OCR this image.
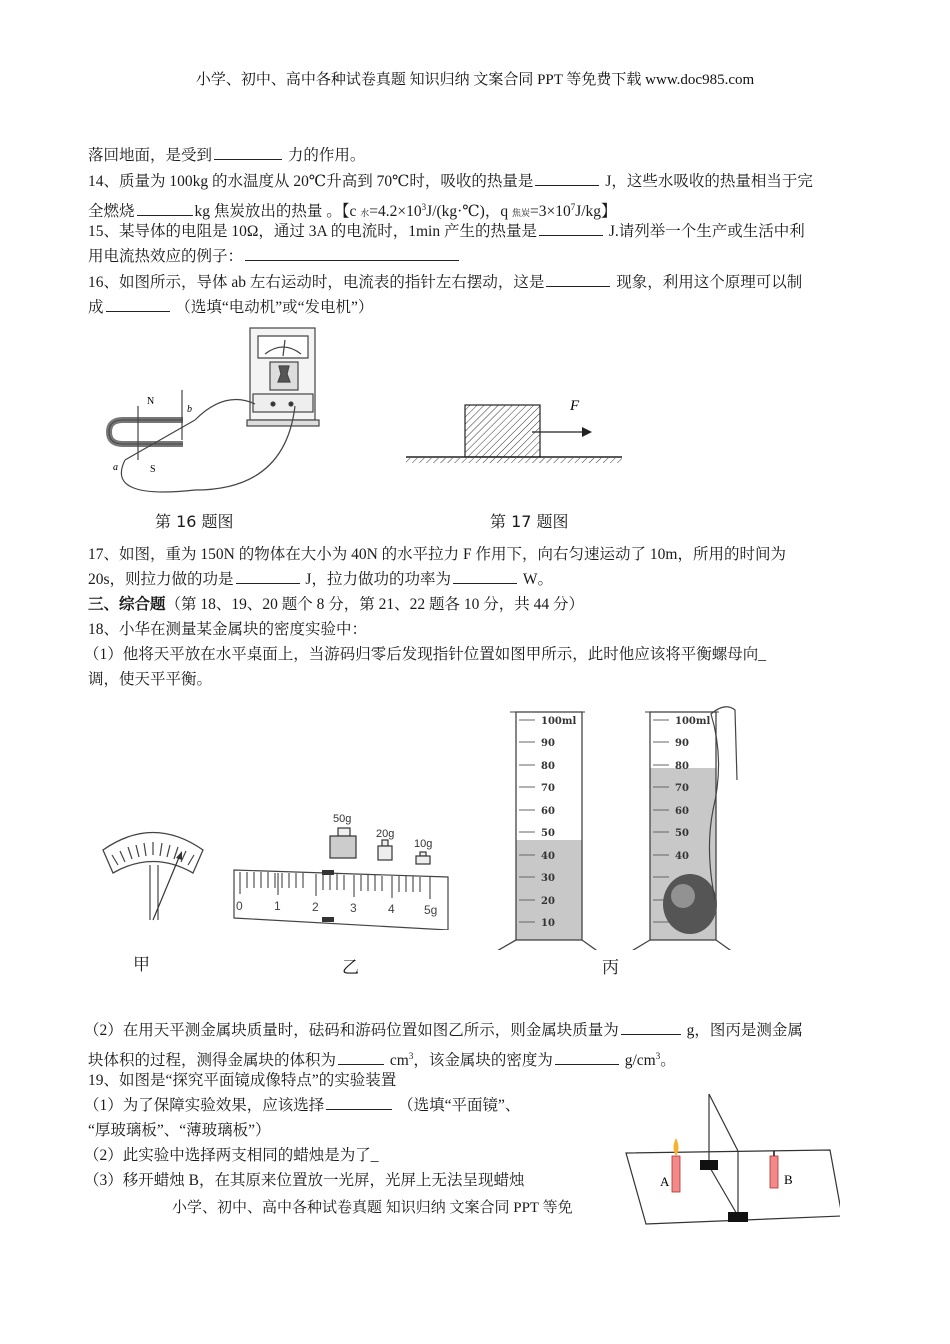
小学、初中、高中各种试卷真题 知识归纳 文案合同 PPT 等免费下载 www.doc985.com
落回地面，是受到	力的作用。
14、质量为 100kg 的水温度从 20℃升高到 70℃时，吸收的热量是	J，这些水吸收的热量相当于完
全燃烧	kg 焦炭放出的热量 。【c 水$=4.2\times 10^3J/(kg\cdot℃)$，q 焦炭$=3\times 10^7J/kg$】
15、某导体的电阻是 10Ω，通过 3A 的电流时，1min 产生的热量是	J.请列举一个生产或生活中利
用电流热效应的例子：
16、如图所示，导体 ab 左右运动时，电流表的指针左右摆动，这是	现象，利用这个原理可以制
成	（选填“电动机”或“发电机”）
N
S
a
b
第 16 题图
F
第 17 题图
17、如图，重为 150N 的物体在大小为 40N 的水平拉力 F 作用下，向右匀速运动了 10m，所用的时间为
20s，则拉力做的功是	J，拉力做功的功率为	W。
三、综合题（第 18、19、20 题个 8 分，第 21、22 题各 10 分，共 44 分）
18、小华在测量某金属块的密度实验中：
（1）他将天平放在水平桌面上，当游码归零后发现指针位置如图甲所示，此时他应该将平衡螺母向_
调，使天平平衡。
甲
50g
20g
10g
0	1	2	3	4 5g
乙
100ml
90
80
70
60
50
40
30
20
10
100ml
90
80
70
60
50
40
丙
（2）在用天平测金属块质量时，砝码和游码位置如图乙所示，则金属块质量为	g，图丙是测金属
块体积的过程，测得金属块的体积为	$cm^3$，该金属块的密度为	$g/cm^3$。
19、如图是“探究平面镜成像特点”的实验装置
（1）为了保障实验效果，应该选择	（选填“平面镜”、
“厚玻璃板”、“薄玻璃板”）
（2）此实验中选择两支相同的蜡烛是为了_
（3）移开蜡烛 B，在其原来位置放一光屏，光屏上无法呈现蜡烛	A	B
小学、初中、高中各种试卷真题 知识归纳 文案合同 PPT 等免
